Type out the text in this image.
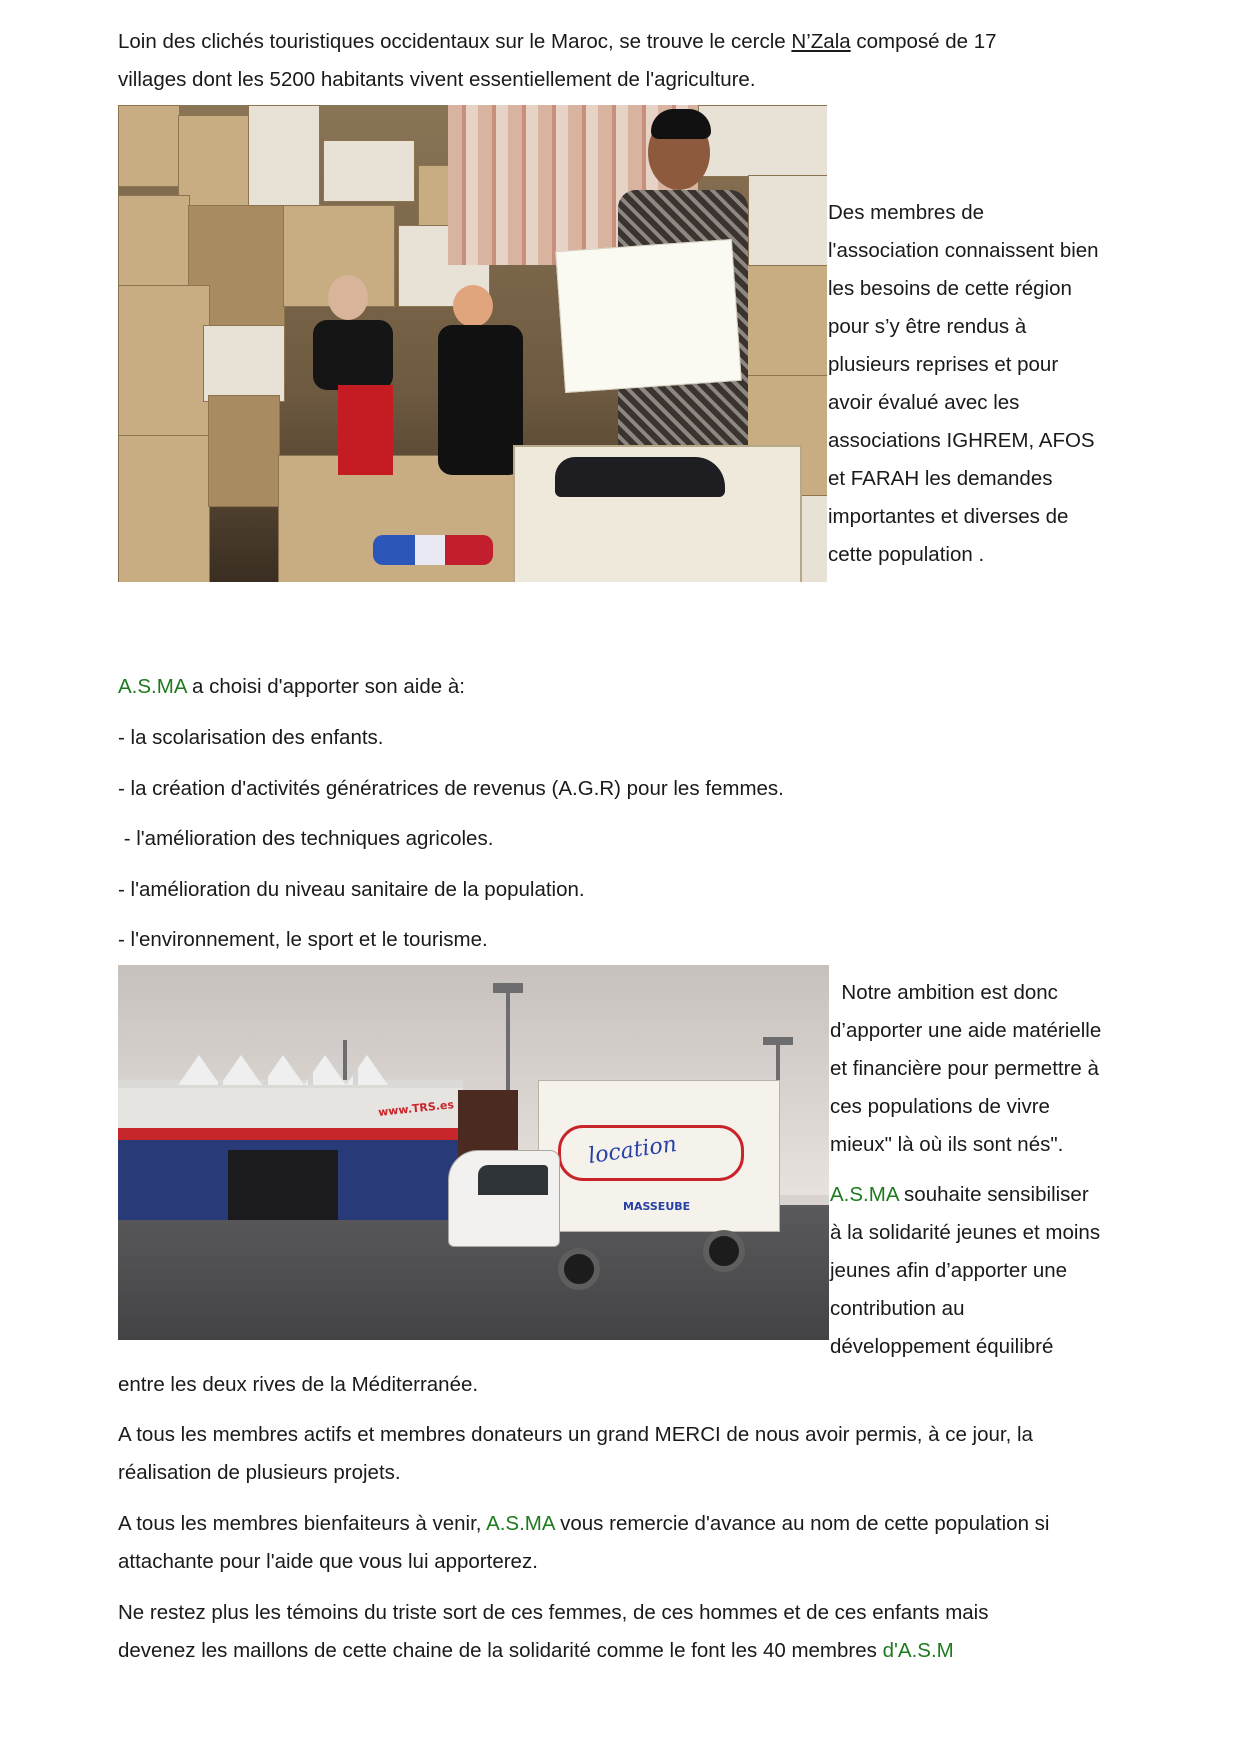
Loin des clichés touristiques occidentaux sur le Maroc, se trouve le cercle N’Zala composé de 17
villages dont les 5200 habitants vivent essentiellement de l'agriculture.
Des membres de
l'association connaissent bien
les besoins de cette région
pour s’y être rendus à
plusieurs reprises et pour
avoir évalué avec les
associations IGHREM, AFOS
et FARAH les demandes
importantes et diverses de
cette population .
A.S.MA a choisi d'apporter son aide à:
- la scolarisation des enfants.
- la création d'activités génératrices de revenus (A.G.R) pour les femmes.
- l'amélioration des techniques agricoles.
- l'amélioration du niveau sanitaire de la population.
- l'environnement, le sport et le tourisme.
www.TRS.es
location
MASSEUBE
Notre ambition est donc
d’apporter une aide matérielle
et financière pour permettre à
ces populations de vivre
mieux" là où ils sont nés".
A.S.MA souhaite sensibiliser
à la solidarité jeunes et moins
jeunes afin d’apporter une
contribution au
développement équilibré
entre les deux rives de la Méditerranée.
A tous les membres actifs et membres donateurs un grand MERCI de nous avoir permis, à ce jour, la
réalisation de plusieurs projets.
A tous les membres bienfaiteurs à venir, A.S.MA vous remercie d'avance au nom de cette population si
attachante pour l'aide que vous lui apporterez.
Ne restez plus les témoins du triste sort de ces femmes, de ces hommes et de ces enfants mais
devenez les maillons de cette chaine de la solidarité comme le font les 40 membres d'A.S.M
